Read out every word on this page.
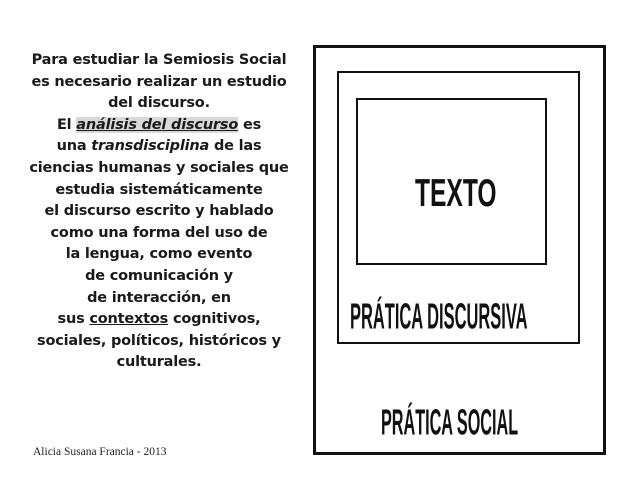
Para estudiar la Semiosis Social
es necesario realizar un estudio
del discurso.
El análisis del discurso es
una transdisciplina de las
ciencias humanas y sociales que
estudia sistemáticamente
el discurso escrito y hablado
como una forma del uso de
la lengua, como evento
de comunicación y
de interacción, en
sus contextos cognitivos,
sociales, políticos, históricos y
culturales.
Alicia Susana Francia - 2013
TEXTO
PRÁTICA DISCURSIVA
PRÁTICA SOCIAL
